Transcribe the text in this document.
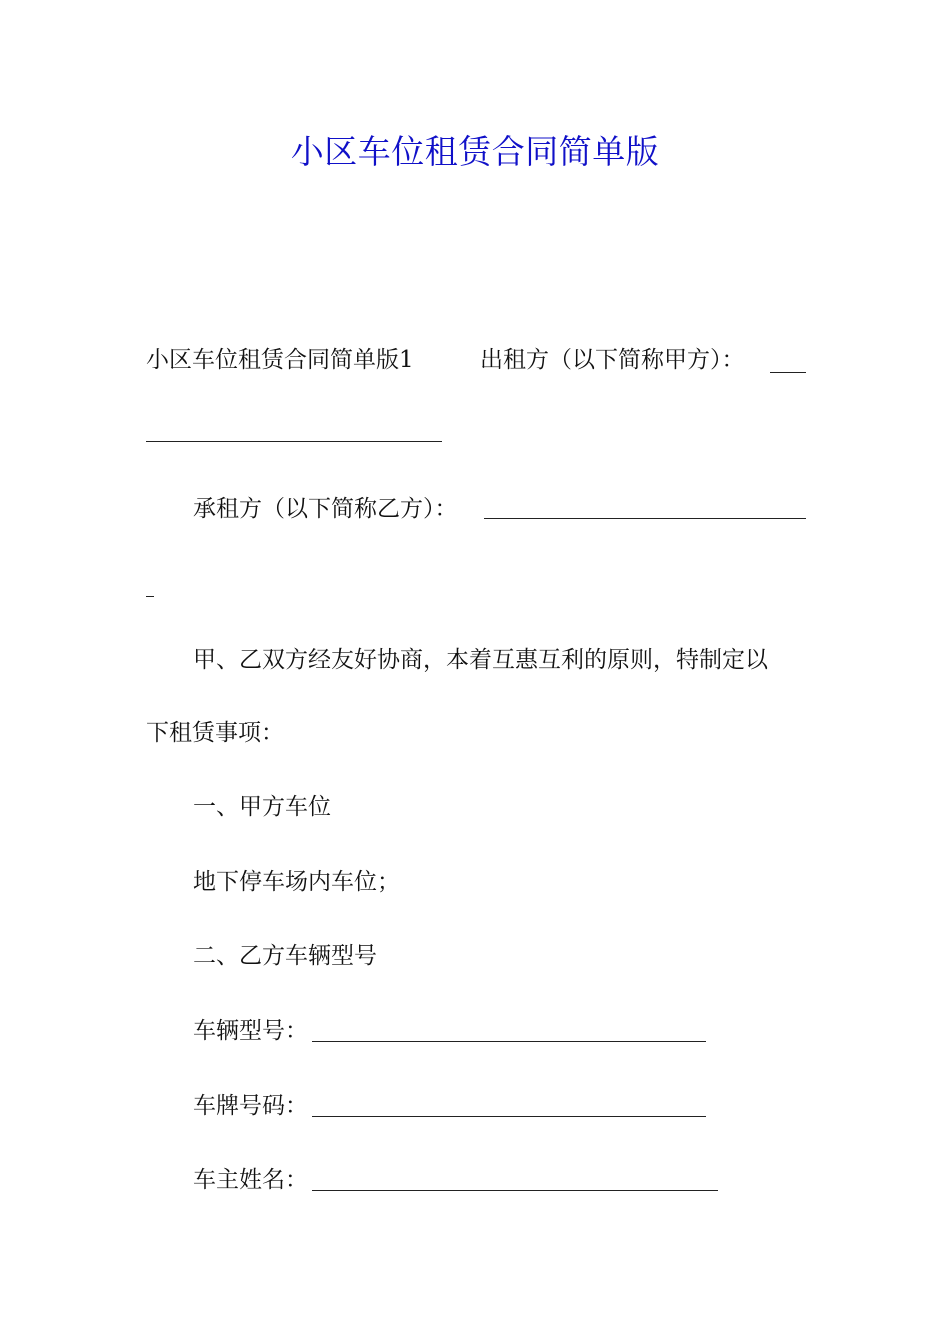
小区车位租赁合同简单版
小区车位租赁合同简单版1	出租方（以下简称甲方）：
承租方（以下简称乙方）：
甲、乙双方经友好协商，本着互惠互利的原则，特制定以
下租赁事项：
一、甲方车位
地下停车场内车位；
二、乙方车辆型号
车辆型号：
车牌号码：
车主姓名：
